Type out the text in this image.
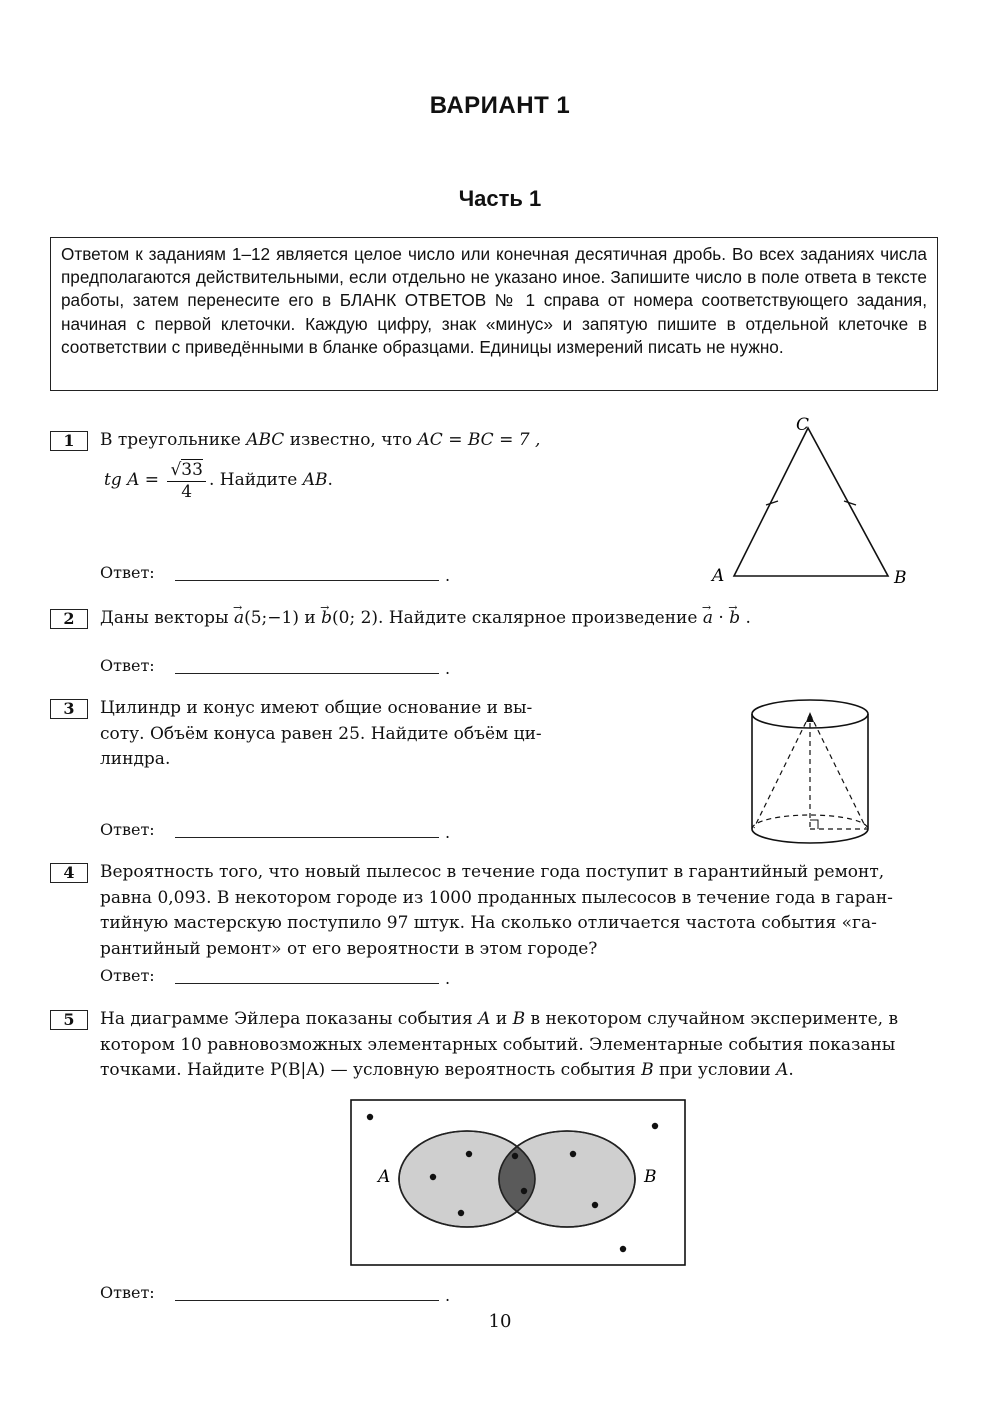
ВАРИАНТ 1
Часть 1
Ответом к заданиям 1–12 является целое число или конечная десятичная дробь. Во всех заданиях числа предполагаются действительными, если отдельно не указано иное. Запишите число в поле ответа в тексте работы, затем перенесите его в БЛАНК ОТВЕТОВ № 1 справа от номера соответствующего задания, начиная с первой клеточки. Каждую цифру, знак «минус» и запятую пишите в отдельной клеточке в соответствии с приведёнными в бланке образцами. Единицы измерений писать не нужно.
1	В треугольнике ABC известно, что AC = BC = 7 ,
tg $A = \frac{√33}{4}$ . Найдите AB.
Ответ:	.	A	B
C
2	Даны векторы → a(5;−1) и → b(0; 2). Найдите скалярное произведение → a · → b .
Ответ:	.
3	Цилиндр и конус имеют общие основание и вы-
соту. Объём конуса равен 25. Найдите объём ци-
линдра.
Ответ:	.
4	Вероятность того, что новый пылесос в течение года поступит в гарантийный ремонт,
равна 0,093. В некотором городе из 1000 проданных пылесосов в течение года в гаран-
тийную мастерскую поступило 97 штук. На сколько отличается частота события «га-
рантийный ремонт» от его вероятности в этом городе?
Ответ:	.
5	На диаграмме Эйлера показаны события A и B в некотором случайном эксперименте, в
котором 10 равновозможных элементарных событий. Элементарные события показаны
точками. Найдите P(B|A) — условную вероятность события B при условии A.
A	B
Ответ:	.
10
